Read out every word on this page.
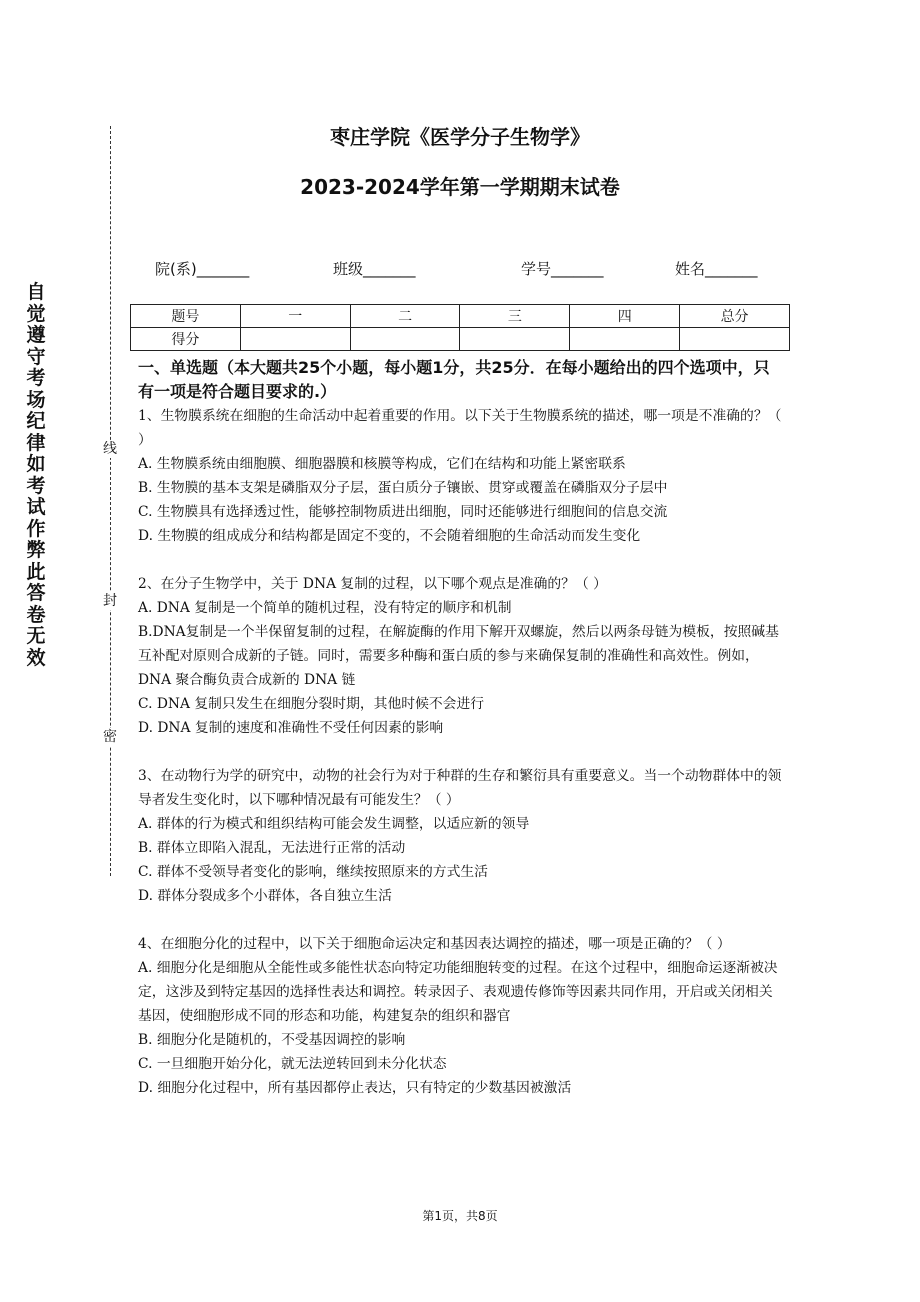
自觉遵守考场纪律如考试作弊此答卷无效
线
封
密
枣庄学院《医学分子生物学》
2023-2024学年第一学期期末试卷
院(系)_______	班级_______	学号_______	姓名_______
题号	一	二	三	四	总分
得分					

一、单选题（本大题共25个小题，每小题1分，共25分．在每小题给出的四个选项中，只有一项是符合题目要求的.）

1、生物膜系统在细胞的生命活动中起着重要的作用。以下关于生物膜系统的描述，哪一项是不准确的？（ ）

A. 生物膜系统由细胞膜、细胞器膜和核膜等构成，它们在结构和功能上紧密联系

B. 生物膜的基本支架是磷脂双分子层，蛋白质分子镶嵌、贯穿或覆盖在磷脂双分子层中

C. 生物膜具有选择透过性，能够控制物质进出细胞，同时还能够进行细胞间的信息交流

D. 生物膜的组成成分和结构都是固定不变的，不会随着细胞的生命活动而发生变化

2、在分子生物学中，关于 DNA 复制的过程，以下哪个观点是准确的？（ ）

A. DNA 复制是一个简单的随机过程，没有特定的顺序和机制

B.DNA复制是一个半保留复制的过程，在解旋酶的作用下解开双螺旋，然后以两条母链为模板，按照碱基互补配对原则合成新的子链。同时，需要多种酶和蛋白质的参与来确保复制的准确性和高效性。例如，DNA 聚合酶负责合成新的 DNA 链

C. DNA 复制只发生在细胞分裂时期，其他时候不会进行

D. DNA 复制的速度和准确性不受任何因素的影响

3、在动物行为学的研究中，动物的社会行为对于种群的生存和繁衍具有重要意义。当一个动物群体中的领导者发生变化时，以下哪种情况最有可能发生？（ ）

A. 群体的行为模式和组织结构可能会发生调整，以适应新的领导

B. 群体立即陷入混乱，无法进行正常的活动

C. 群体不受领导者变化的影响，继续按照原来的方式生活

D. 群体分裂成多个小群体，各自独立生活

4、在细胞分化的过程中，以下关于细胞命运决定和基因表达调控的描述，哪一项是正确的？（ ）

A. 细胞分化是细胞从全能性或多能性状态向特定功能细胞转变的过程。在这个过程中，细胞命运逐渐被决定，这涉及到特定基因的选择性表达和调控。转录因子、表观遗传修饰等因素共同作用，开启或关闭相关基因，使细胞形成不同的形态和功能，构建复杂的组织和器官

B. 细胞分化是随机的，不受基因调控的影响

C. 一旦细胞开始分化，就无法逆转回到未分化状态

D. 细胞分化过程中，所有基因都停止表达，只有特定的少数基因被激活

第1页，共8页
